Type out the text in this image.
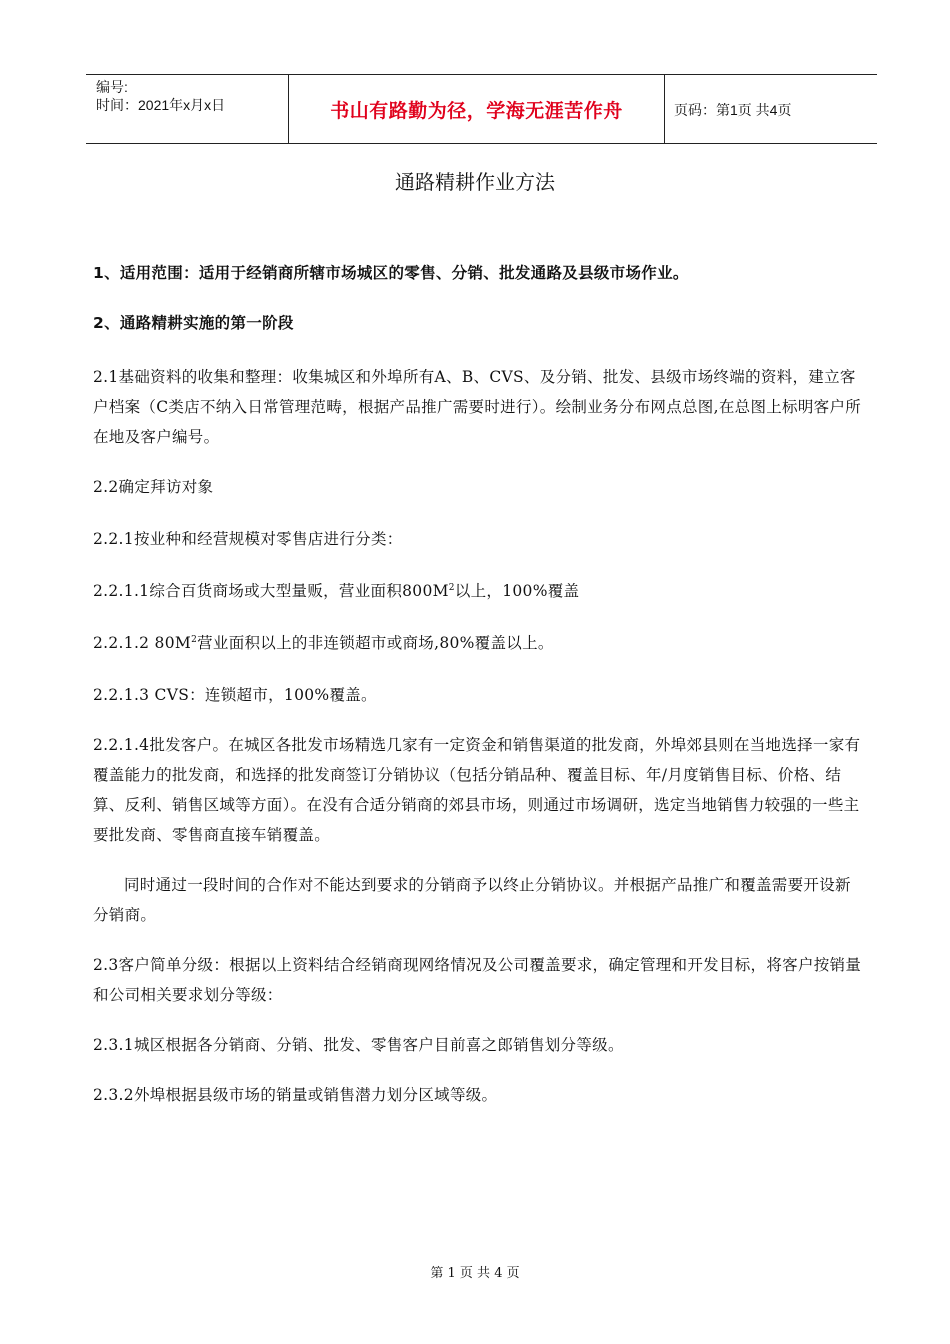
编号:
时间：2021年x月x日	书山有路勤为径，学海无涯苦作舟	页码：第1页 共4页
通路精耕作业方法

1、适用范围：适用于经销商所辖市场城区的零售、分销、批发通路及县级市场作业。

2、通路精耕实施的第一阶段

2.1基础资料的收集和整理：收集城区和外埠所有A、B、CVS、及分销、批发、县级市场终端的资料，建立客户档案（C类店不纳入日常管理范畴，根据产品推广需要时进行）。绘制业务分布网点总图,在总图上标明客户所在地及客户编号。

2.2确定拜访对象

2.2.1按业种和经营规模对零售店进行分类：

2.2.1.1综合百货商场或大型量贩，营业面积$800M^2$以上，100%覆盖

2.2.1.2 $80M^2$营业面积以上的非连锁超市或商场,80%覆盖以上。

2.2.1.3 CVS：连锁超市，100%覆盖。

2.2.1.4批发客户。在城区各批发市场精选几家有一定资金和销售渠道的批发商，外埠郊县则在当地选择一家有覆盖能力的批发商，和选择的批发商签订分销协议（包括分销品种、覆盖目标、年/月度销售目标、价格、结算、反利、销售区域等方面）。在没有合适分销商的郊县市场，则通过市场调研，选定当地销售力较强的一些主要批发商、零售商直接车销覆盖。

同时通过一段时间的合作对不能达到要求的分销商予以终止分销协议。并根据产品推广和覆盖需要开设新分销商。

2.3客户简单分级：根据以上资料结合经销商现网络情况及公司覆盖要求，确定管理和开发目标，将客户按销量和公司相关要求划分等级：

2.3.1城区根据各分销商、分销、批发、零售客户目前喜之郎销售划分等级。

2.3.2外埠根据县级市场的销量或销售潜力划分区域等级。

第 1 页 共 4 页
